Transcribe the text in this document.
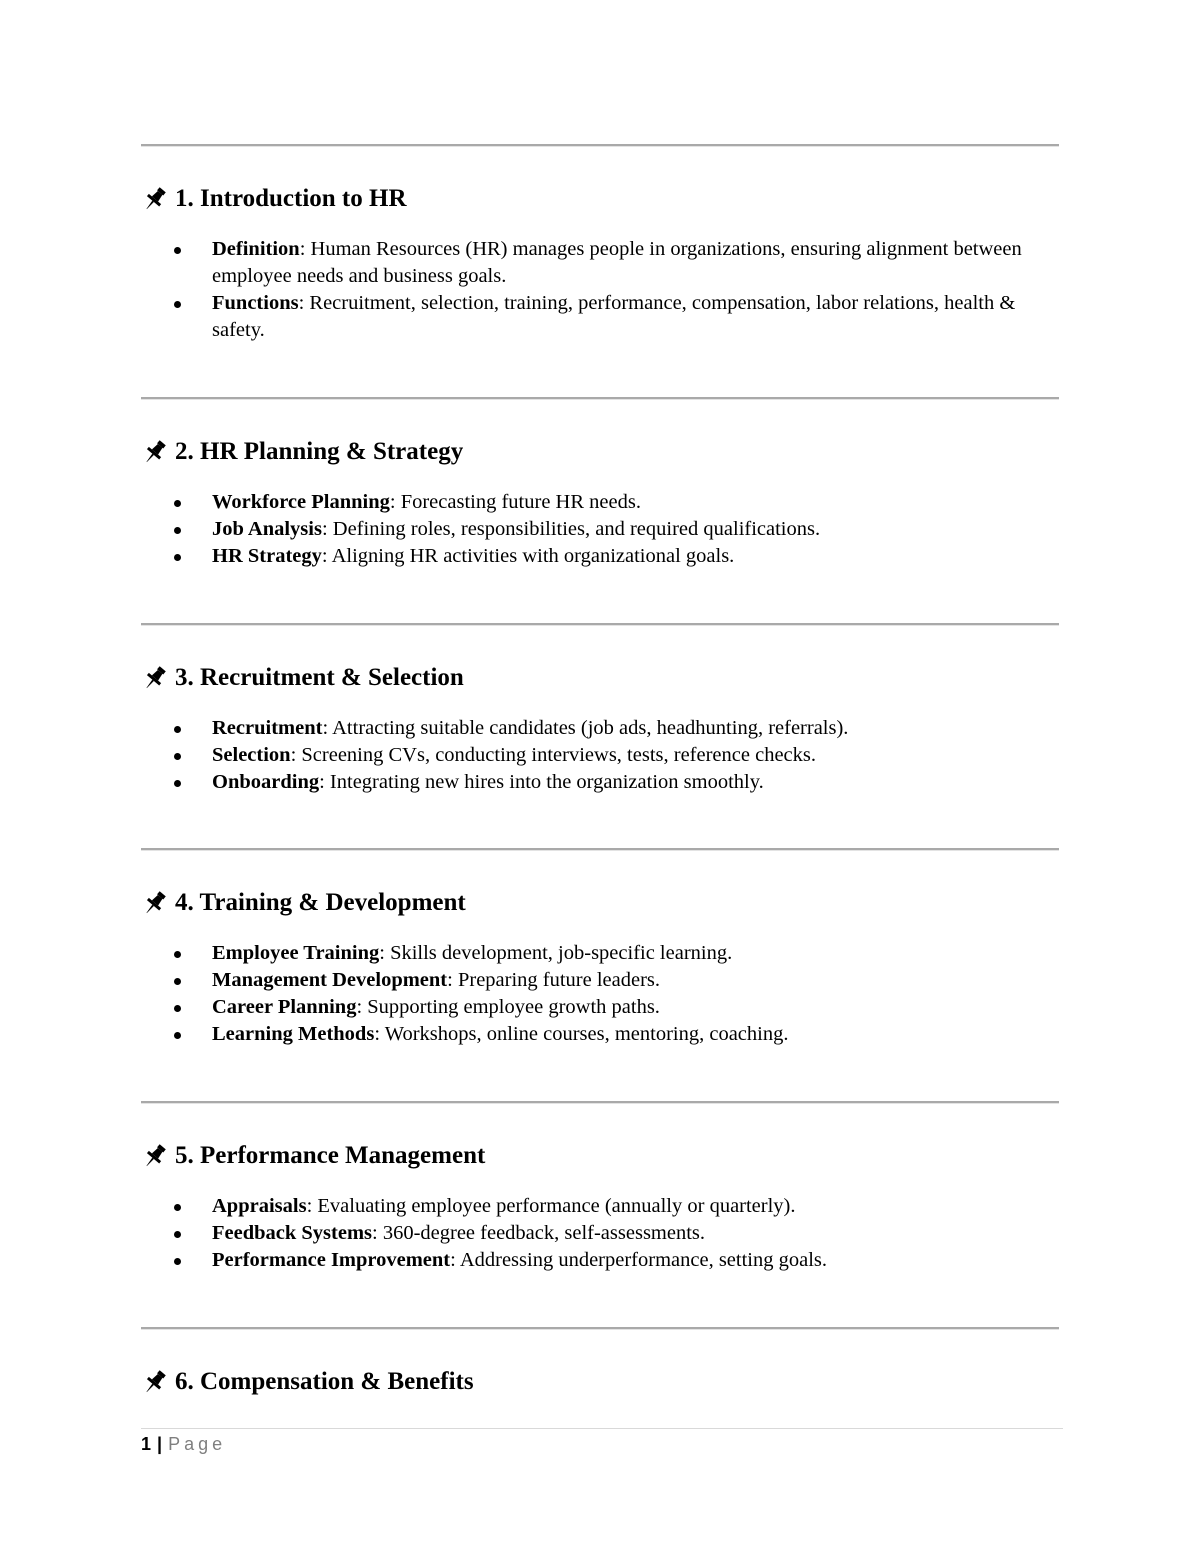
1. Introduction to HR
Definition: Human Resources (HR) manages people in organizations, ensuring alignment between employee needs and business goals.
Functions: Recruitment, selection, training, performance, compensation, labor relations, health & safety.
2. HR Planning & Strategy
Workforce Planning: Forecasting future HR needs.
Job Analysis: Defining roles, responsibilities, and required qualifications.
HR Strategy: Aligning HR activities with organizational goals.
3. Recruitment & Selection
Recruitment: Attracting suitable candidates (job ads, headhunting, referrals).
Selection: Screening CVs, conducting interviews, tests, reference checks.
Onboarding: Integrating new hires into the organization smoothly.
4. Training & Development
Employee Training: Skills development, job-specific learning.
Management Development: Preparing future leaders.
Career Planning: Supporting employee growth paths.
Learning Methods: Workshops, online courses, mentoring, coaching.
5. Performance Management
Appraisals: Evaluating employee performance (annually or quarterly).
Feedback Systems: 360-degree feedback, self-assessments.
Performance Improvement: Addressing underperformance, setting goals.
6. Compensation & Benefits
1 | Page
